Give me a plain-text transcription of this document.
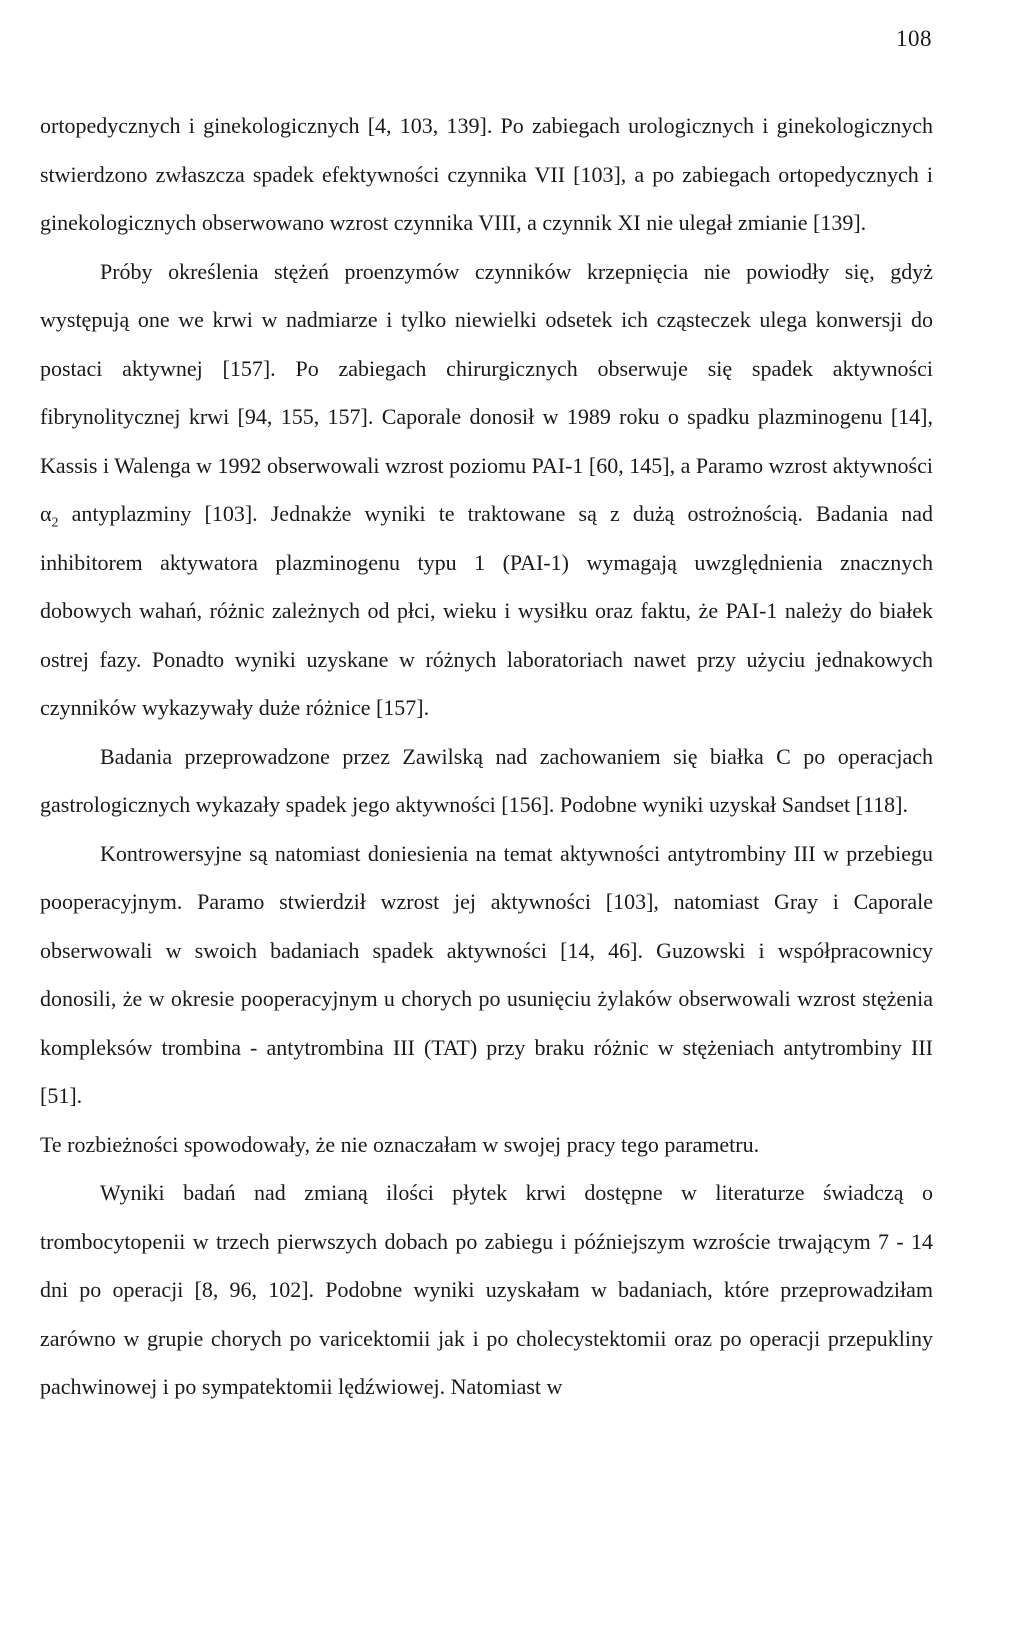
108

ortopedycznych i ginekologicznych [4, 103, 139]. Po zabiegach urologicznych i ginekologicznych stwierdzono zwłaszcza spadek efektywności czynnika VII [103], a po zabiegach ortopedycznych i ginekologicznych obserwowano wzrost czynnika VIII, a czynnik XI nie ulegał zmianie [139].

Próby określenia stężeń proenzymów czynników krzepnięcia nie powiodły się, gdyż występują one we krwi w nadmiarze i tylko niewielki odsetek ich cząsteczek ulega konwersji do postaci aktywnej [157]. Po zabiegach chirurgicznych obserwuje się spadek aktywności fibrynolitycznej krwi [94, 155, 157]. Caporale donosił w 1989 roku o spadku plazminogenu [14], Kassis i Walenga w 1992 obserwowali wzrost poziomu PAI-1 [60, 145], a Paramo wzrost aktywności $\alpha_2$ antyplazminy [103]. Jednakże wyniki te traktowane są z dużą ostrożnością. Badania nad inhibitorem aktywatora plazminogenu typu 1 (PAI-1) wymagają uwzględnienia znacznych dobowych wahań, różnic zależnych od płci, wieku i wysiłku oraz faktu, że PAI-1 należy do białek ostrej fazy. Ponadto wyniki uzyskane w różnych laboratoriach nawet przy użyciu jednakowych czynników wykazywały duże różnice [157].

Badania przeprowadzone przez Zawilską nad zachowaniem się białka C po operacjach gastrologicznych wykazały spadek jego aktywności [156]. Podobne wyniki uzyskał Sandset [118].

Kontrowersyjne są natomiast doniesienia na temat aktywności antytrombiny III w przebiegu pooperacyjnym. Paramo stwierdził wzrost jej aktywności [103], natomiast Gray i Caporale obserwowali w swoich badaniach spadek aktywności [14, 46]. Guzowski i współpracownicy donosili, że w okresie pooperacyjnym u chorych po usunięciu żylaków obserwowali wzrost stężenia kompleksów trombina - antytrombina III (TAT) przy braku różnic w stężeniach antytrombiny III [51].

Te rozbieżności spowodowały, że nie oznaczałam w swojej pracy tego parametru.

Wyniki badań nad zmianą ilości płytek krwi dostępne w literaturze świadczą o trombocytopenii w trzech pierwszych dobach po zabiegu i późniejszym wzroście trwającym 7 - 14 dni po operacji [8, 96, 102]. Podobne wyniki uzyskałam w badaniach, które przeprowadziłam zarówno w grupie chorych po varicektomii jak i po cholecystektomii oraz po operacji przepukliny pachwinowej i po sympatektomii lędźwiowej. Natomiast w
